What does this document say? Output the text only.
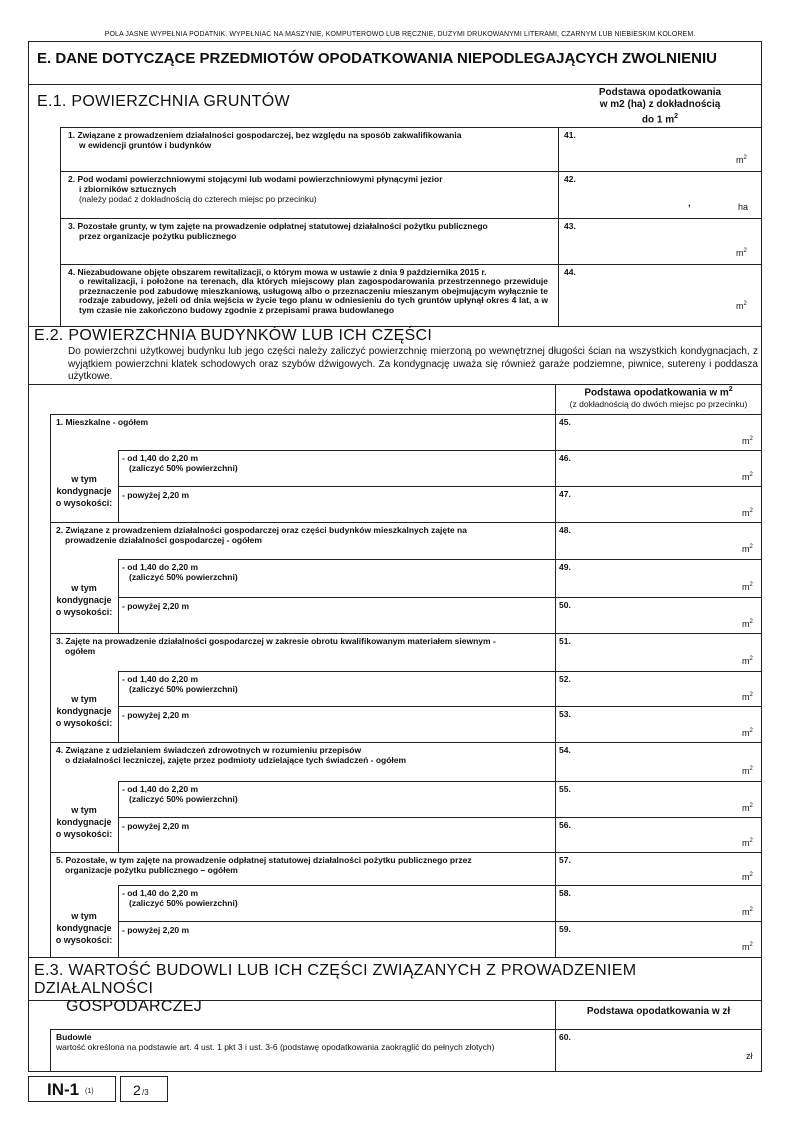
POLA JASNE WYPEŁNIA PODATNIK. WYPEŁNIAĆ NA MASZYNIE, KOMPUTEROWO LUB RĘCZNIE, DUŻYMI DRUKOWANYMI LITERAMI, CZARNYM LUB NIEBIESKIM KOLOREM.
E. DANE DOTYCZĄCE PRZEDMIOTÓW OPODATKOWANIA NIEPODLEGAJĄCYCH ZWOLNIENIU
E.1. POWIERZCHNIA GRUNTÓW
Podstawa opodatkowania
w m2 (ha) z dokładnością
do 1 $m^2$
1. Związane z prowadzeniem działalności gospodarczej, bez względu na sposób zakwalifikowania
w ewidencji gruntów i budynków
41.
$m^2$
2. Pod wodami powierzchniowymi stojącymi lub wodami powierzchniowymi płynącymi jezior
i zbiorników sztucznych
(należy podać z dokładnością do czterech miejsc po przecinku)
42.
,	ha
3. Pozostałe grunty, w tym zajęte na prowadzenie odpłatnej statutowej działalności pożytku publicznego
przez organizacje pożytku publicznego
43.
$m^2$
4. Niezabudowane objęte obszarem rewitalizacji, o którym mowa w ustawie z dnia 9 października 2015 r.
o rewitalizacji, i położone na terenach, dla których miejscowy plan zagospodarowania przestrzennego przewiduje przeznaczenie pod zabudowę mieszkaniową, usługową albo o przeznaczeniu mieszanym obejmującym wyłącznie te rodzaje zabudowy, jeżeli od dnia wejścia w życie tego planu w odniesieniu do tych gruntów upłynął okres 4 lat, a w tym czasie nie zakończono budowy zgodnie z przepisami prawa budowlanego
44.
$m^2$
E.2. POWIERZCHNIA BUDYNKÓW LUB ICH CZĘŚCI
Do powierzchni użytkowej budynku lub jego części należy zaliczyć powierzchnię mierzoną po wewnętrznej długości ścian na wszystkich kondygnacjach, z wyjątkiem powierzchni klatek schodowych oraz szybów dźwigowych. Za kondygnację uważa się również garaże podziemne, piwnice, sutereny i poddasza użytkowe.
Podstawa opodatkowania w $m^2$
(z dokładnością do dwóch miejsc po przecinku)
1. Mieszkalne - ogółem	45.
$m^2$
w tym
kondygnacje
o wysokości:
- od 1,40 do 2,20 m
(zaliczyć 50% powierzchni)
46.
$m^2$
- powyżej 2,20 m	47.
$m^2$
2. Związane z prowadzeniem działalności gospodarczej oraz części budynków mieszkalnych zajęte na
prowadzenie działalności gospodarczej - ogółem
48.
$m^2$
w tym
kondygnacje
o wysokości:
- od 1,40 do 2,20 m
(zaliczyć 50% powierzchni)
49.
$m^2$
- powyżej 2,20 m	50.
$m^2$
3. Zajęte na prowadzenie działalności gospodarczej w zakresie obrotu kwalifikowanym materiałem siewnym -
ogółem
51.
$m^2$
w tym
kondygnacje
o wysokości:
- od 1,40 do 2,20 m
(zaliczyć 50% powierzchni)
52.
$m^2$
- powyżej 2,20 m	53.
$m^2$
4. Związane z udzielaniem świadczeń zdrowotnych w rozumieniu przepisów
o działalności leczniczej, zajęte przez podmioty udzielające tych świadczeń - ogółem
54.
$m^2$
w tym
kondygnacje
o wysokości:
- od 1,40 do 2,20 m
(zaliczyć 50% powierzchni)
55.
$m^2$
- powyżej 2,20 m	56.
$m^2$
5. Pozostałe, w tym zajęte na prowadzenie odpłatnej statutowej działalności pożytku publicznego przez
organizacje pożytku publicznego – ogółem
57.
$m^2$
w tym
kondygnacje
o wysokości:
- od 1,40 do 2,20 m
(zaliczyć 50% powierzchni)
58.
$m^2$
- powyżej 2,20 m	59.
$m^2$
E.3. WARTOŚĆ BUDOWLI LUB ICH CZĘŚCI ZWIĄZANYCH Z PROWADZENIEM DZIAŁALNOŚCI
GOSPODARCZEJ	Podstawa opodatkowania w zł
Budowle
wartość określona na podstawie art. 4 ust. 1 pkt 3 i ust. 3-6 (podstawę opodatkowania zaokrąglić do pełnych złotych)
60.
zł
IN-1 (1)	2 /3
